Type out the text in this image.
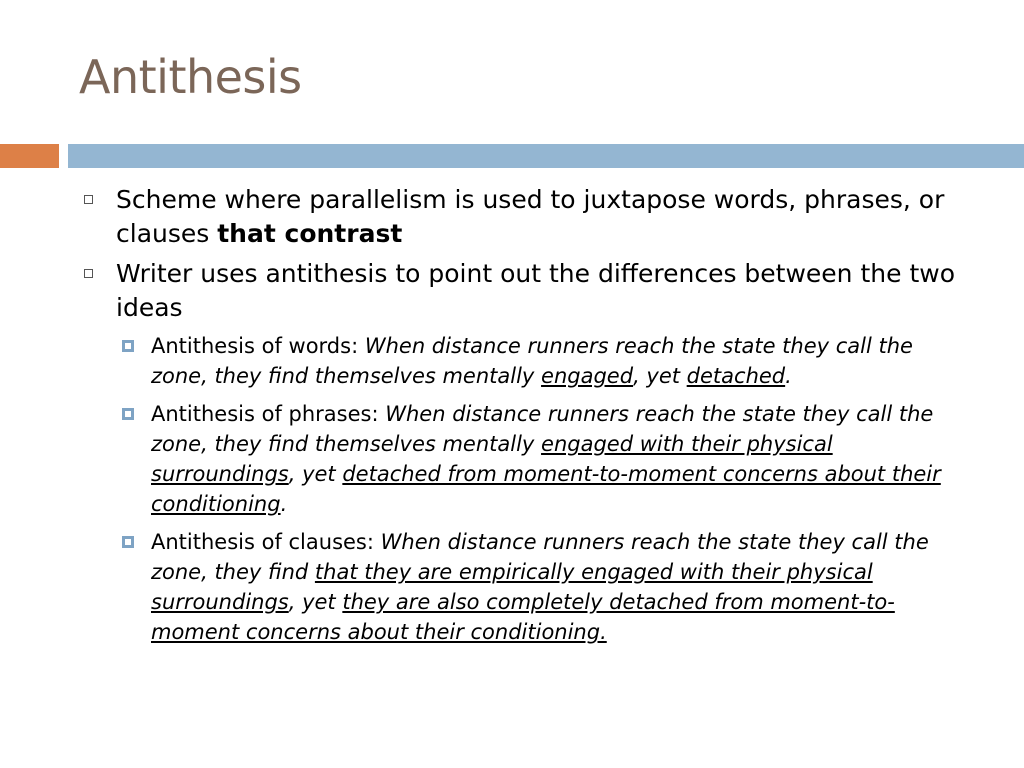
Antithesis
Scheme where parallelism is used to juxtapose words, phrases, or clauses that contrast
Writer uses antithesis to point out the differences between the two ideas
Antithesis of words: When distance runners reach the state they call the zone, they find themselves mentally engaged, yet detached.
Antithesis of phrases: When distance runners reach the state they call the zone, they find themselves mentally engaged with their physical surroundings, yet detached from moment-to-moment concerns about their conditioning.
Antithesis of clauses: When distance runners reach the state they call the zone, they find that they are empirically engaged with their physical surroundings, yet they are also completely detached from moment-to-moment concerns about their conditioning.
